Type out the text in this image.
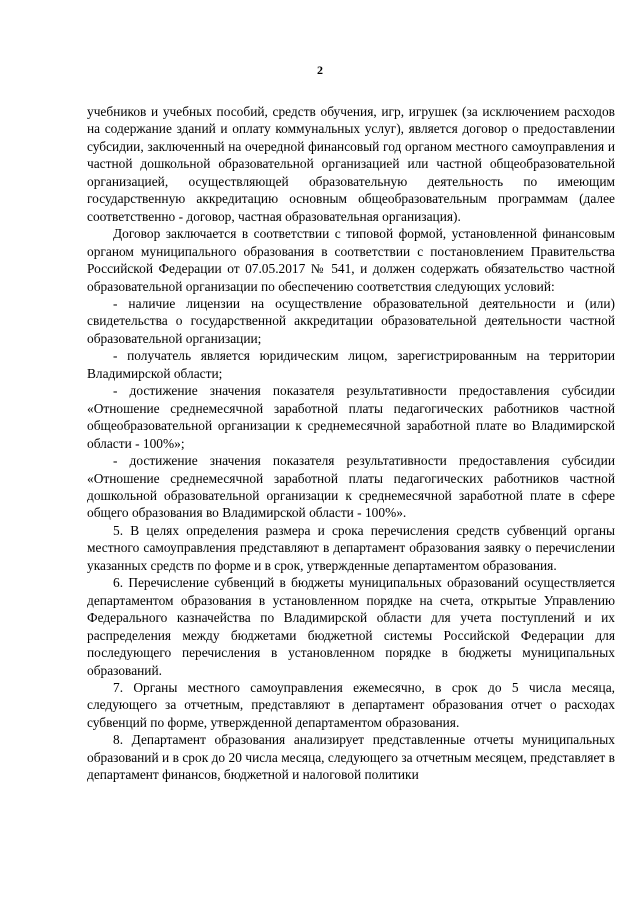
2

учебников и учебных пособий, средств обучения, игр, игрушек (за исключением расходов на содержание зданий и оплату коммунальных услуг), является договор о предоставлении субсидии, заключенный на очередной финансовый год органом местного самоуправления и частной дошкольной образовательной организацией или частной общеобразовательной организацией, осуществляющей образовательную деятельность по имеющим государственную аккредитацию основным общеобразовательным программам (далее соответственно - договор, частная образовательная организация).

Договор заключается в соответствии с типовой формой, установленной финансовым органом муниципального образования в соответствии с постановлением Правительства Российской Федерации от 07.05.2017 № 541, и должен содержать обязательство частной образовательной организации по обеспечению соответствия следующих условий:

- наличие лицензии на осуществление образовательной деятельности и (или) свидетельства о государственной аккредитации образовательной деятельности частной образовательной организации;

- получатель является юридическим лицом, зарегистрированным на территории Владимирской области;

- достижение значения показателя результативности предоставления субсидии «Отношение среднемесячной заработной платы педагогических работников частной общеобразовательной организации к среднемесячной заработной плате во Владимирской области - 100%»;

- достижение значения показателя результативности предоставления субсидии «Отношение среднемесячной заработной платы педагогических работников частной дошкольной образовательной организации к среднемесячной заработной плате в сфере общего образования во Владимирской области - 100%».

5. В целях определения размера и срока перечисления средств субвенций органы местного самоуправления представляют в департамент образования заявку о перечислении указанных средств по форме и в срок, утвержденные департаментом образования.

6. Перечисление субвенций в бюджеты муниципальных образований осуществляется департаментом образования в установленном порядке на счета, открытые Управлению Федерального казначейства по Владимирской области для учета поступлений и их распределения между бюджетами бюджетной системы Российской Федерации для последующего перечисления в установленном порядке в бюджеты муниципальных образований.

7. Органы местного самоуправления ежемесячно, в срок до 5 числа месяца, следующего за отчетным, представляют в департамент образования отчет о расходах субвенций по форме, утвержденной департаментом образования.

8. Департамент образования анализирует представленные отчеты муниципальных образований и в срок до 20 числа месяца, следующего за отчетным месяцем, представляет в департамент финансов, бюджетной и налоговой политики
